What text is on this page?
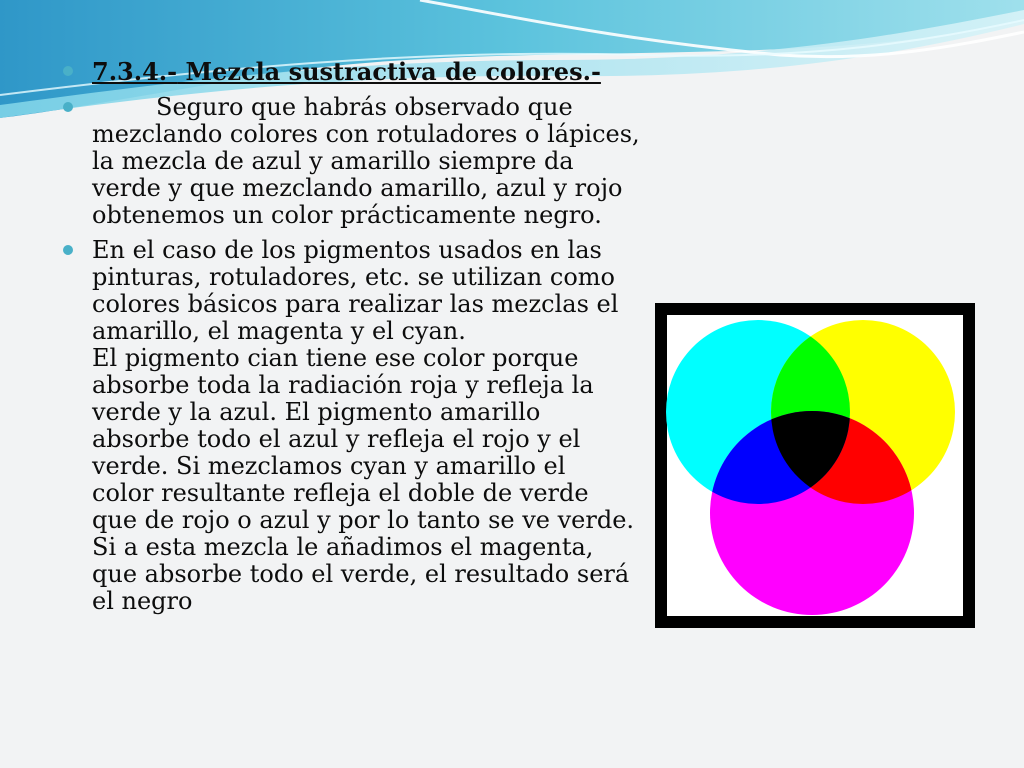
7.3.4.- Mezcla sustractiva de colores.-
Seguro que habrás observado que mezclando colores con rotuladores o lápices, la mezcla de azul y amarillo siempre da verde y que mezclando amarillo, azul y rojo obtenemos un color prácticamente negro.
En el caso de los pigmentos usados en las
pinturas, rotuladores, etc. se utilizan como
colores básicos para realizar las mezclas el
amarillo, el magenta y el cyan.
El pigmento cian tiene ese color porque
absorbe toda la radiación roja y refleja la
verde y la azul. El pigmento amarillo
absorbe todo el azul y refleja el rojo y el
verde. Si mezclamos cyan y amarillo el
color resultante refleja el doble de verde
que de rojo o azul y por lo tanto se ve verde.
Si a esta mezcla le añadimos el magenta,
que absorbe todo el verde, el resultado será
el negro
